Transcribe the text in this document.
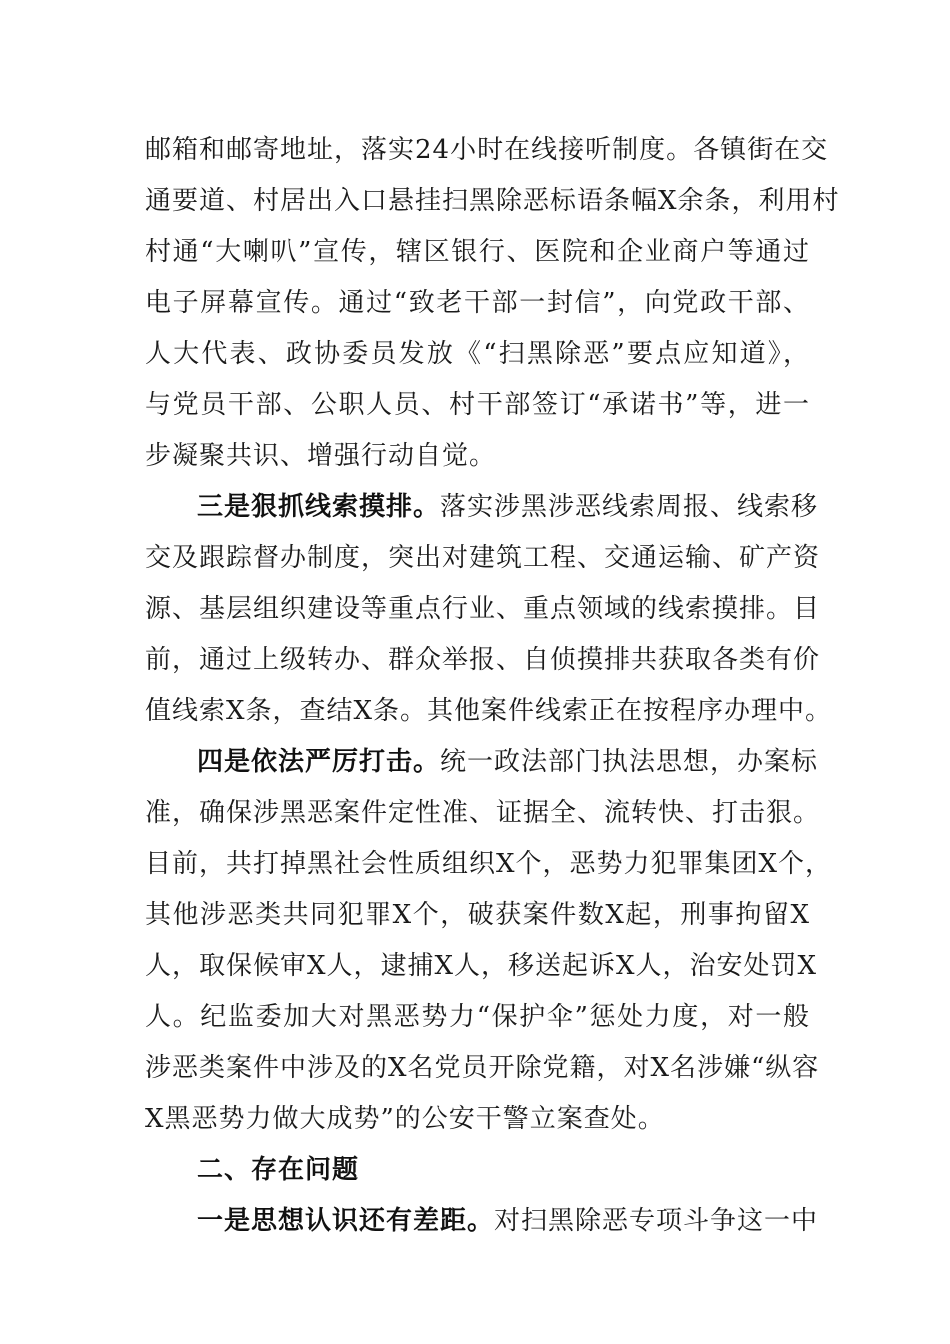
邮箱和邮寄地址，落实24小时在线接听制度。各镇街在交
通要道、村居出入口悬挂扫黑除恶标语条幅X余条，利用村
村通“大喇叭”宣传，辖区银行、医院和企业商户等通过
电子屏幕宣传。通过“致老干部一封信”，向党政干部、
人大代表、政协委员发放《“扫黑除恶”要点应知道》，
与党员干部、公职人员、村干部签订“承诺书”等，进一
步凝聚共识、增强行动自觉。
三是狠抓线索摸排。落实涉黑涉恶线索周报、线索移
交及跟踪督办制度，突出对建筑工程、交通运输、矿产资
源、基层组织建设等重点行业、重点领域的线索摸排。目
前，通过上级转办、群众举报、自侦摸排共获取各类有价
值线索X条，查结X条。其他案件线索正在按程序办理中。
四是依法严厉打击。统一政法部门执法思想，办案标
准，确保涉黑恶案件定性准、证据全、流转快、打击狠。
目前，共打掉黑社会性质组织X个，恶势力犯罪集团X个，
其他涉恶类共同犯罪X个，破获案件数X起，刑事拘留X
人，取保候审X人，逮捕X人，移送起诉X人，治安处罚X
人。纪监委加大对黑恶势力“保护伞”惩处力度，对一般
涉恶类案件中涉及的X名党员开除党籍，对X名涉嫌“纵容
X黑恶势力做大成势”的公安干警立案查处。
二、存在问题
一是思想认识还有差距。对扫黑除恶专项斗争这一中
